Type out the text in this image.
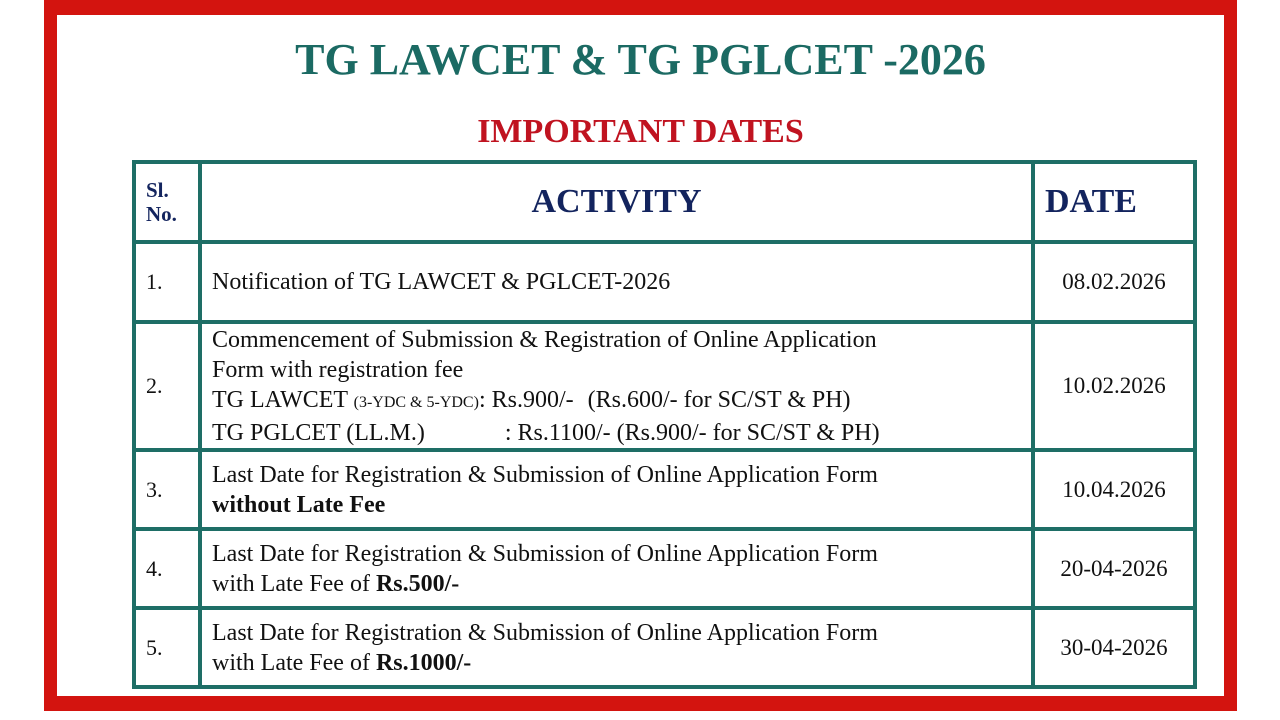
TG LAWCET & TG PGLCET -2026
IMPORTANT DATES
Sl.
No.	ACTIVITY	DATE
1.	Notification of TG LAWCET & PGLCET-2026	08.02.2026
2.	Commencement of Submission & Registration of Online Application
Form with registration fee
TG LAWCET (3-YDC & 5-YDC): Rs.900/- (Rs.600/- for SC/ST & PH)
TG PGLCET (LL.M.) : Rs.1100/- (Rs.900/- for SC/ST & PH)	10.02.2026
3.	Last Date for Registration & Submission of Online Application Form
without Late Fee	10.04.2026
4.	Last Date for Registration & Submission of Online Application Form
with Late Fee of Rs.500/-	20-04-2026
5.	Last Date for Registration & Submission of Online Application Form
with Late Fee of Rs.1000/-	30-04-2026
